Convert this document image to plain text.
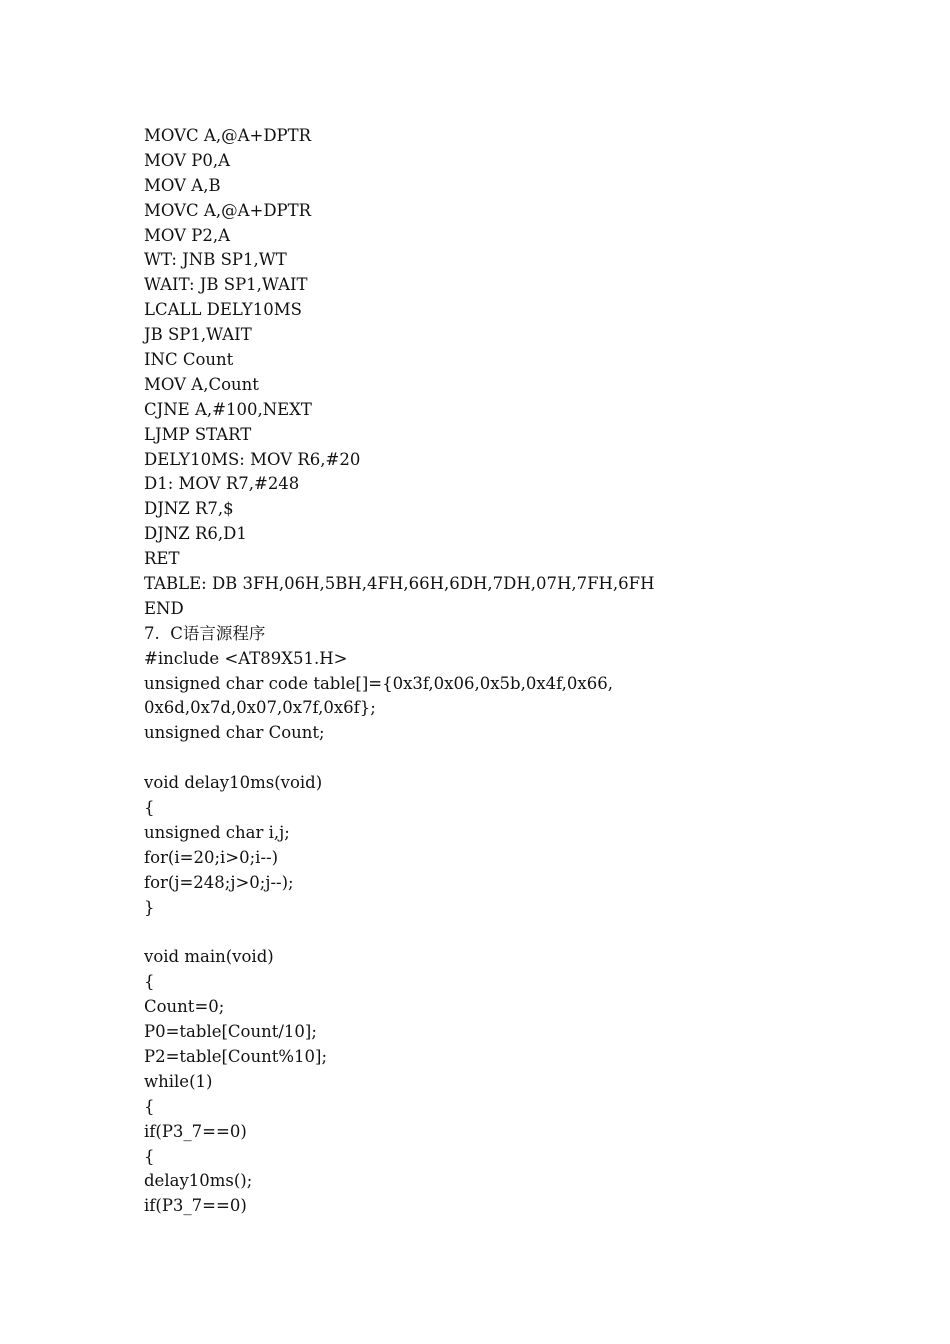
MOVC A,@A+DPTR
MOV P0,A
MOV A,B
MOVC A,@A+DPTR
MOV P2,A
WT: JNB SP1,WT
WAIT: JB SP1,WAIT
LCALL DELY10MS
JB SP1,WAIT
INC Count
MOV A,Count
CJNE A,#100,NEXT
LJMP START
DELY10MS: MOV R6,#20
D1: MOV R7,#248
DJNZ R7,$
DJNZ R6,D1
RET
TABLE: DB 3FH,06H,5BH,4FH,66H,6DH,7DH,07H,7FH,6FH
END
7.  C语言源程序
#include <AT89X51.H>
unsigned char code table[]={0x3f,0x06,0x5b,0x4f,0x66,
0x6d,0x7d,0x07,0x7f,0x6f};
unsigned char Count;
void delay10ms(void)
{
unsigned char i,j;
for(i=20;i>0;i--)
for(j=248;j>0;j--);
}
void main(void)
{
Count=0;
P0=table[Count/10];
P2=table[Count%10];
while(1)
{
if(P3_7==0)
{
delay10ms();
if(P3_7==0)
